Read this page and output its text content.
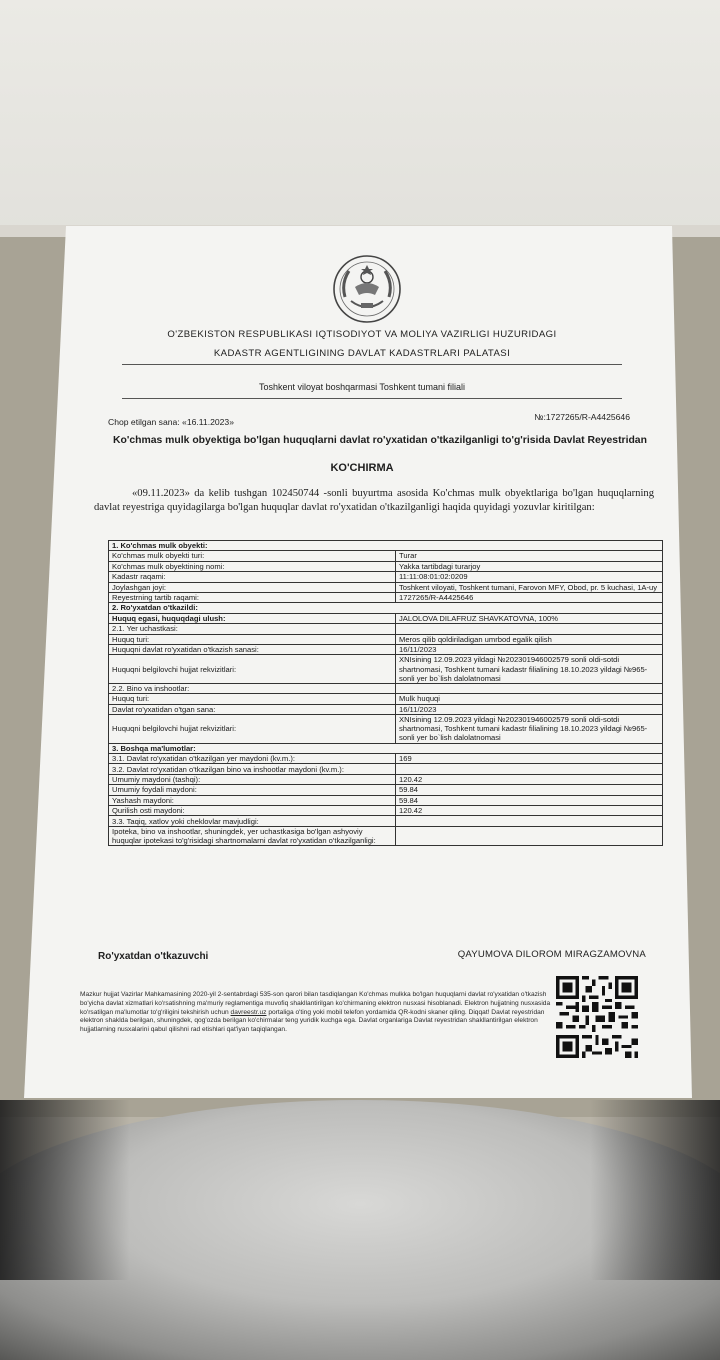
O'ZBEKISTON RESPUBLIKASI IQTISODIYOT VA MOLIYA VAZIRLIGI HUZURIDAGI
KADASTR AGENTLIGINING DAVLAT KADASTRLARI PALATASI
Toshkent viloyat boshqarmasi Toshkent tumani filiali
Chop etilgan sana: «16.11.2023»	№:1727265/R-A4425646
Ko'chmas mulk obyektiga bo'lgan huquqlarni davlat ro'yxatidan o'tkazilganligi to'g'risida Davlat Reyestridan
KO'CHIRMA
«09.11.2023» da kelib tushgan 102450744 -sonli buyurtma asosida Ko'chmas mulk obyektlariga bo'lgan huquqlarning davlat reyestriga quyidagilarga bo'lgan huquqlar davlat ro'yxatidan o'tkazilganligi haqida quyidagi yozuvlar kiritilgan:
1. Ko'chmas mulk obyekti:	
Ko'chmas mulk obyekti turi:	Turar
Ko'chmas mulk obyektining nomi:	Yakka tartibdagi turarjoy
Kadastr raqami:	11:11:08:01:02:0209
Joylashgan joyi:	Toshkent viloyati, Toshkent tumani, Farovon MFY, Obod, pr. 5 kuchasi, 1A-uy
Reyestrning tartib raqami:	1727265/R-A4425646
2. Ro'yxatdan o'tkazildi:	
Huquq egasi, huquqdagi ulush:	JALOLOVA DILAFRUZ SHAVKATOVNA, 100%
2.1. Yer uchastkasi:	
Huquq turi:	Meros qilib qoldiriladigan umrbod egalik qilish
Huquqni davlat ro'yxatidan o'tkazish sanasi:	16/11/2023
Huquqni belgilovchi hujjat rekvizitlari:	XNIsining 12.09.2023 yildagi №202301946002579 sonli oldi-sotdi shartnomasi, Toshkent tumani kadastr filialining 18.10.2023 yildagi №965-sonli yer bo`lish dalolatnomasi
2.2. Bino va inshootlar:	
Huquq turi:	Mulk huquqi
Davlat ro'yxatidan o'tgan sana:	16/11/2023
Huquqni belgilovchi hujjat rekvizitlari:	XNIsining 12.09.2023 yildagi №202301946002579 sonli oldi-sotdi shartnomasi, Toshkent tumani kadastr filialining 18.10.2023 yildagi №965-sonli yer bo`lish dalolatnomasi
3. Boshqa ma'lumotlar:	
3.1. Davlat ro'yxatidan o'tkazilgan yer maydoni (kv.m.):	169
3.2. Davlat ro'yxatidan o'tkazilgan bino va inshootlar maydoni (kv.m.):	
Umumiy maydoni (tashqi):	120.42
Umumiy foydali maydoni:	59.84
Yashash maydoni:	59.84
Qurilish osti maydoni:	120.42
3.3. Taqiq, xatlov yoki cheklovlar mavjudligi:	
Ipoteka, bino va inshootlar, shuningdek, yer uchastkasiga bo'lgan ashyoviy huquqlar ipotekasi to'g'risidagi shartnomalarni davlat ro'yxatidan o'tkazilganligi:	
Ro'yxatdan o'tkazuvchi	QAYUMOVA DILOROM MIRAGZAMOVNA
Mazkur hujjat Vazirlar Mahkamasining 2020-yil 2-sentabrdagi 535-son qarori bilan tasdiqlangan Ko'chmas mulkka bo'lgan huquqlarni davlat ro'yxatidan o'tkazish bo'yicha davlat xizmatlari ko'rsatishning ma'muriy reglamentiga muvofiq shakllantirilgan ko'chirmaning elektron nusxasi hisoblanadi. Elektron hujjatning nusxasida ko'rsatilgan ma'lumotlar to'g'riligini tekshirish uchun davreestr.uz portaliga o'ting yoki mobil telefon yordamida QR-kodni skaner qiling. Diqqat! Davlat reyestridan elektron shaklda berilgan, shuningdek, qog'ozda berilgan ko'chirmalar teng yuridik kuchga ega. Davlat organlariga Davlat reyestridan shakllantirilgan elektron hujjatlarning nusxalarini qabul qilishni rad etishlari qat'iyan taqiqlangan.
